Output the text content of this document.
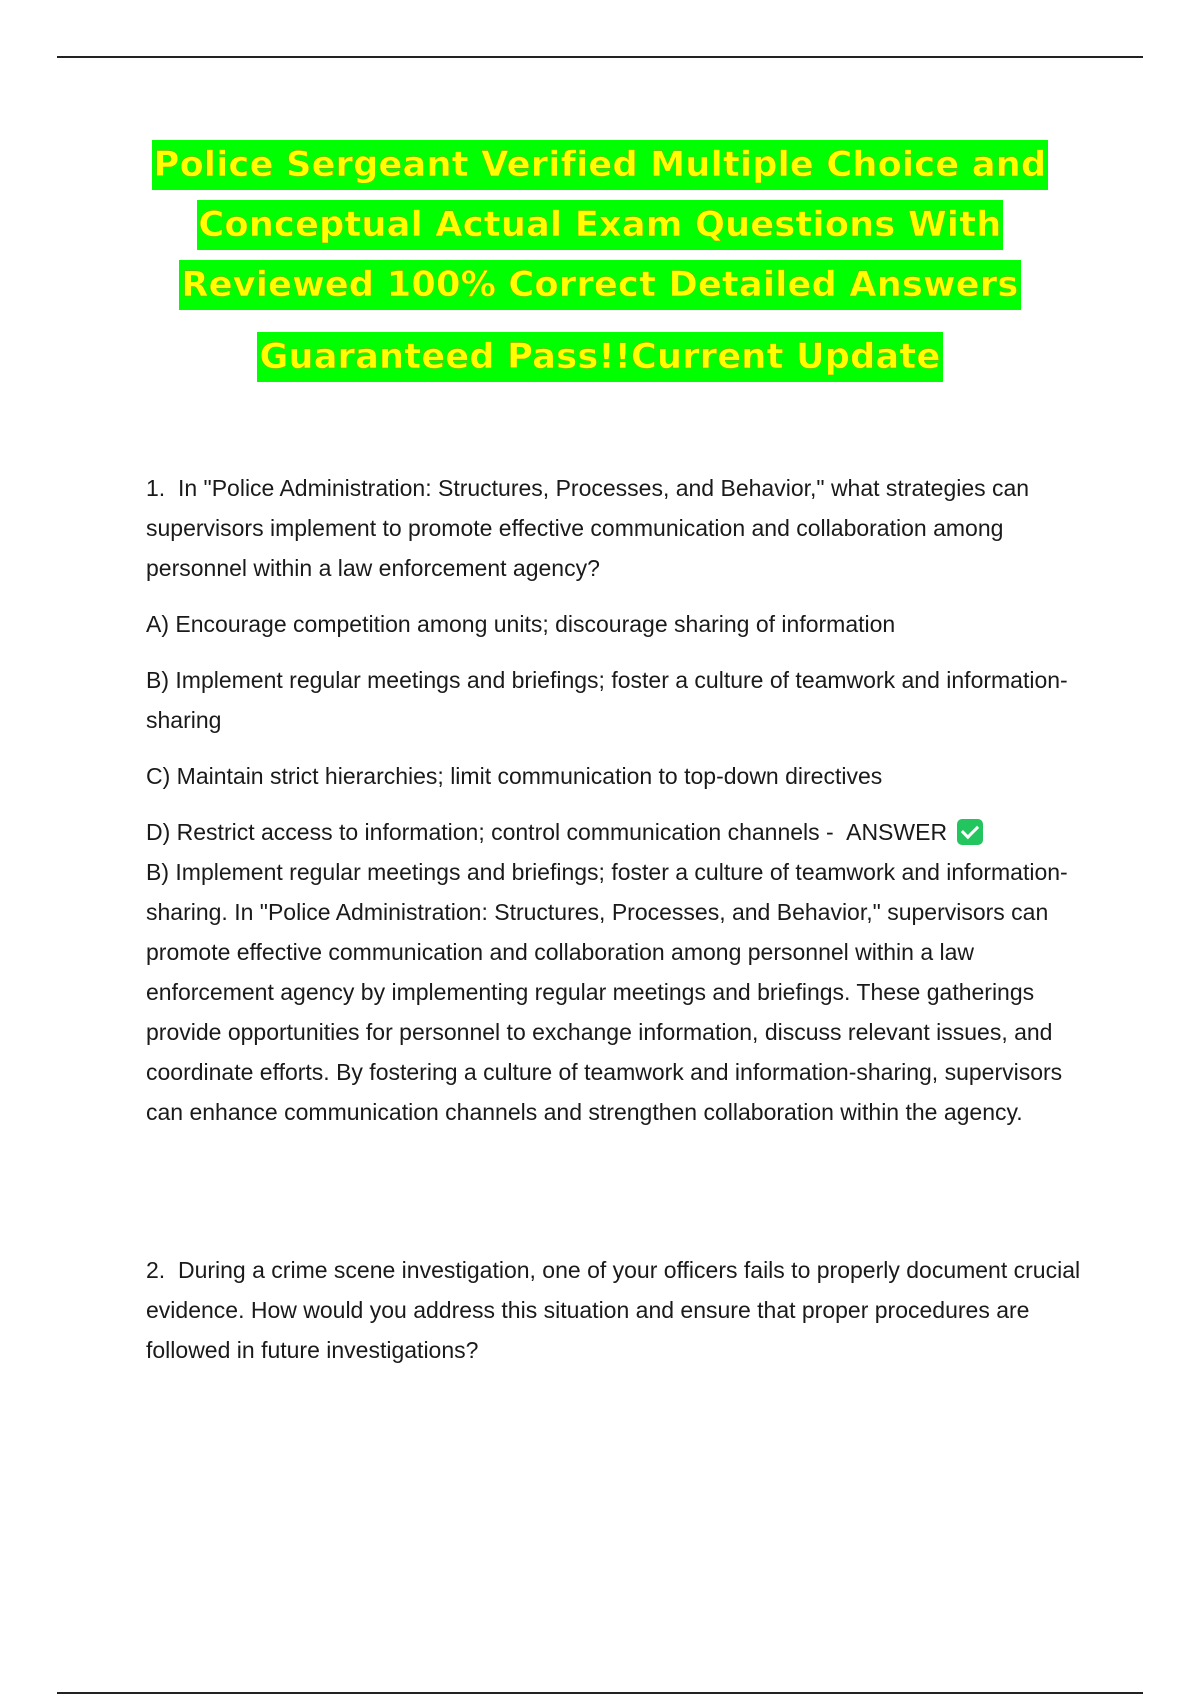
Police Sergeant Verified Multiple Choice and
Conceptual Actual Exam Questions With
Reviewed 100% Correct Detailed Answers
Guaranteed Pass!!Current Update

1. In "Police Administration: Structures, Processes, and Behavior," what strategies can supervisors implement to promote effective communication and collaboration among personnel within a law enforcement agency?

A) Encourage competition among units; discourage sharing of information

B) Implement regular meetings and briefings; foster a culture of teamwork and information-sharing

C) Maintain strict hierarchies; limit communication to top-down directives

D) Restrict access to information; control communication channels - ANSWER
B) Implement regular meetings and briefings; foster a culture of teamwork and information-sharing. In "Police Administration: Structures, Processes, and Behavior," supervisors can promote effective communication and collaboration among personnel within a law enforcement agency by implementing regular meetings and briefings. These gatherings provide opportunities for personnel to exchange information, discuss relevant issues, and coordinate efforts. By fostering a culture of teamwork and information-sharing, supervisors can enhance communication channels and strengthen collaboration within the agency.

2. During a crime scene investigation, one of your officers fails to properly document crucial evidence. How would you address this situation and ensure that proper procedures are followed in future investigations?
